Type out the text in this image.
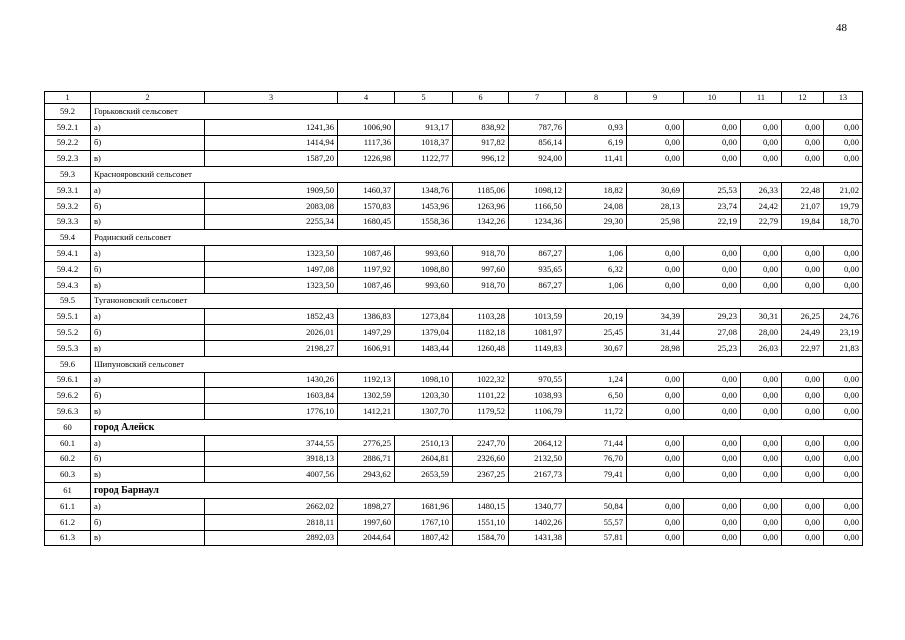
48
1	2	3	4	5	6	7	8	9	10	11	12	13
59.2	Горьковский сельсовет											
59.2.1	а)	1241,36	1006,90	913,17	838,92	787,76	0,93	0,00	0,00	0,00	0,00	0,00
59.2.2	б)	1414,94	1117,36	1018,37	917,82	856,14	6,19	0,00	0,00	0,00	0,00	0,00
59.2.3	в)	1587,20	1226,98	1122,77	996,12	924,00	11,41	0,00	0,00	0,00	0,00	0,00
59.3	Краснояровский сельсовет											
59.3.1	а)	1909,50	1460,37	1348,76	1185,06	1098,12	18,82	30,69	25,53	26,33	22,48	21,02
59.3.2	б)	2083,08	1570,83	1453,96	1263,96	1166,50	24,08	28,13	23,74	24,42	21,07	19,79
59.3.3	в)	2255,34	1680,45	1558,36	1342,26	1234,36	29,30	25,98	22,19	22,79	19,84	18,70
59.4	Родинский сельсовет											
59.4.1	а)	1323,50	1087,46	993,60	918,70	867,27	1,06	0,00	0,00	0,00	0,00	0,00
59.4.2	б)	1497,08	1197,92	1098,80	997,60	935,65	6,32	0,00	0,00	0,00	0,00	0,00
59.4.3	в)	1323,50	1087,46	993,60	918,70	867,27	1,06	0,00	0,00	0,00	0,00	0,00
59.5	Туганоновский сельсовет											
59.5.1	а)	1852,43	1386,83	1273,84	1103,28	1013,59	20,19	34,39	29,23	30,31	26,25	24,76
59.5.2	б)	2026,01	1497,29	1379,04	1182,18	1081,97	25,45	31,44	27,08	28,00	24,49	23,19
59.5.3	в)	2198,27	1606,91	1483,44	1260,48	1149,83	30,67	28,98	25,23	26,03	22,97	21,83
59.6	Шипуновский сельсовет											
59.6.1	а)	1430,26	1192,13	1098,10	1022,32	970,55	1,24	0,00	0,00	0,00	0,00	0,00
59.6.2	б)	1603,84	1302,59	1203,30	1101,22	1038,93	6,50	0,00	0,00	0,00	0,00	0,00
59.6.3	в)	1776,10	1412,21	1307,70	1179,52	1106,79	11,72	0,00	0,00	0,00	0,00	0,00
60	город Алейск											
60.1	а)	3744,55	2776,25	2510,13	2247,70	2064,12	71,44	0,00	0,00	0,00	0,00	0,00
60.2	б)	3918,13	2886,71	2604,81	2326,60	2132,50	76,70	0,00	0,00	0,00	0,00	0,00
60.3	в)	4007,56	2943,62	2653,59	2367,25	2167,73	79,41	0,00	0,00	0,00	0,00	0,00
61	город Барнаул											
61.1	а)	2662,02	1898,27	1681,96	1480,15	1340,77	50,84	0,00	0,00	0,00	0,00	0,00
61.2	б)	2818,11	1997,60	1767,10	1551,10	1402,26	55,57	0,00	0,00	0,00	0,00	0,00
61.3	в)	2892,03	2044,64	1807,42	1584,70	1431,38	57,81	0,00	0,00	0,00	0,00	0,00
